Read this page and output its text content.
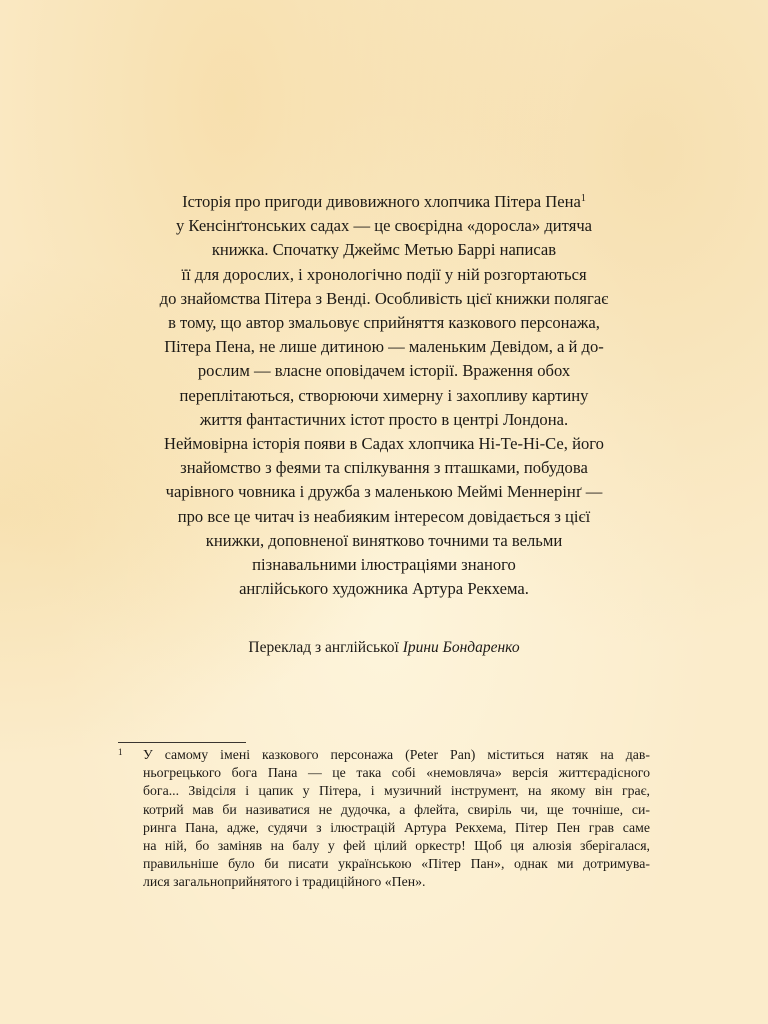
Історія про пригоди дивовижного хлопчика Пітера Пена$^1$
у Кенсінґтонських садах — це своєрідна «доросла» дитяча
книжка. Спочатку Джеймс Метью Баррі написав
її для дорослих, і хронологічно події у ній розгортаються
до знайомства Пітера з Венді. Особливість цієї книжки полягає
в тому, що автор змальовує сприйняття казкового персонажа,
Пітера Пена, не лише дитиною — маленьким Девідом, а й до-
рослим — власне оповідачем історії. Враження обох
переплітаються, створюючи химерну і захопливу картину
життя фантастичних істот просто в центрі Лондона.
Неймовірна історія появи в Садах хлопчика Ні-Те-Ні-Се, його
знайомство з феями та спілкування з пташками, побудова
чарівного човника і дружба з маленькою Меймі Меннерінґ —
про все це читач із неабияким інтересом довідається з цієї
книжки, доповненої винятково точними та вельми
пізнавальними ілюстраціями знаного
англійського художника Артура Рекхема.
Переклад з англійської Ірини Бондаренко
1 У самому імені казкового персонажа (Peter Pan) міститься натяк на дав-
ньогрецького бога Пана — це така собі «немовляча» версія життєрадісного
бога... Звідсіля і цапик у Пітера, і музичний інструмент, на якому він грає,
котрий мав би називатися не дудочка, а флейта, свиріль чи, ще точніше, си-
ринга Пана, адже, судячи з ілюстрацій Артура Рекхема, Пітер Пен грав саме
на ній, бо заміняв на балу у фей цілий оркестр! Щоб ця алюзія зберігалася,
правильніше було би писати українською «Пітер Пан», однак ми дотримува-
лися загальноприйнятого і традиційного «Пен».
